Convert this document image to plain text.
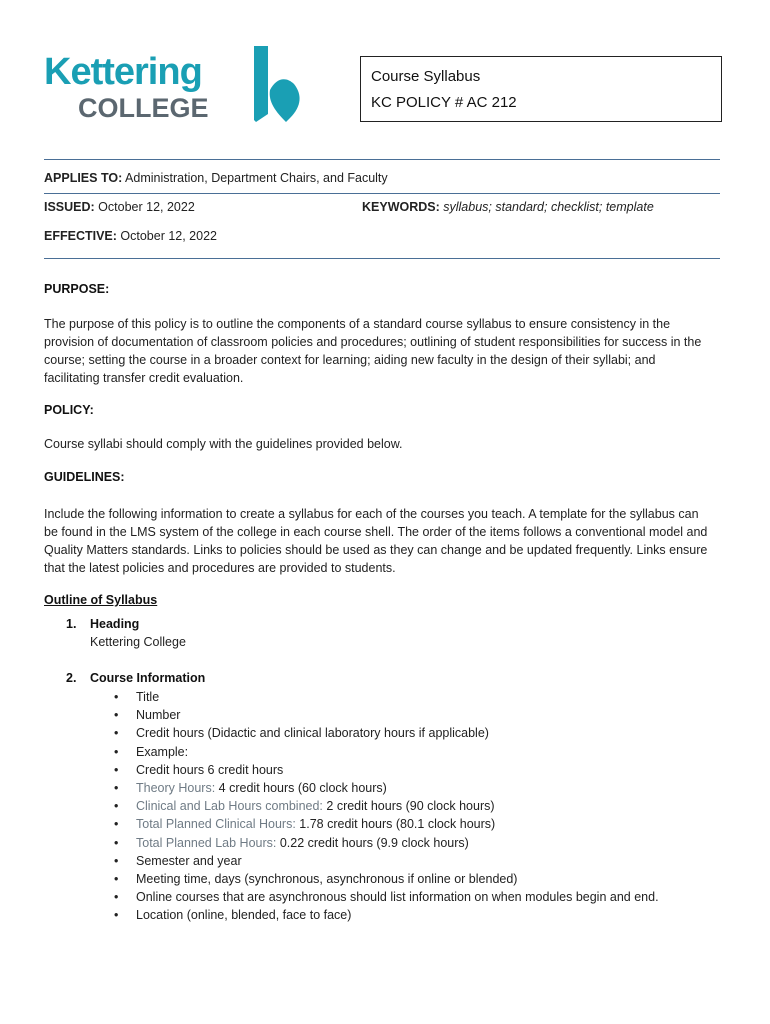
Kettering
COLLEGE
Course Syllabus
KC POLICY # AC 212
APPLIES TO: Administration, Department Chairs, and Faculty
ISSUED: October 12, 2022	KEYWORDS: syllabus; standard; checklist; template
EFFECTIVE: October 12, 2022
PURPOSE:
The purpose of this policy is to outline the components of a standard course syllabus to ensure consistency in the
provision of documentation of classroom policies and procedures; outlining of student responsibilities for success in the
course; setting the course in a broader context for learning; aiding new faculty in the design of their syllabi; and
facilitating transfer credit evaluation.
POLICY:
Course syllabi should comply with the guidelines provided below.
GUIDELINES:
Include the following information to create a syllabus for each of the courses you teach. A template for the syllabus can
be found in the LMS system of the college in each course shell. The order of the items follows a conventional model and
Quality Matters standards. Links to policies should be used as they can change and be updated frequently. Links ensure
that the latest policies and procedures are provided to students.
Outline of Syllabus
1. Heading
Kettering College
2. Course Information
• Title
• Number
• Credit hours (Didactic and clinical laboratory hours if applicable)
• Example:
• Credit hours 6 credit hours
• Theory Hours: 4 credit hours (60 clock hours)
• Clinical and Lab Hours combined: 2 credit hours (90 clock hours)
• Total Planned Clinical Hours: 1.78 credit hours (80.1 clock hours)
• Total Planned Lab Hours: 0.22 credit hours (9.9 clock hours)
• Semester and year
• Meeting time, days (synchronous, asynchronous if online or blended)
• Online courses that are asynchronous should list information on when modules begin and end.
• Location (online, blended, face to face)
